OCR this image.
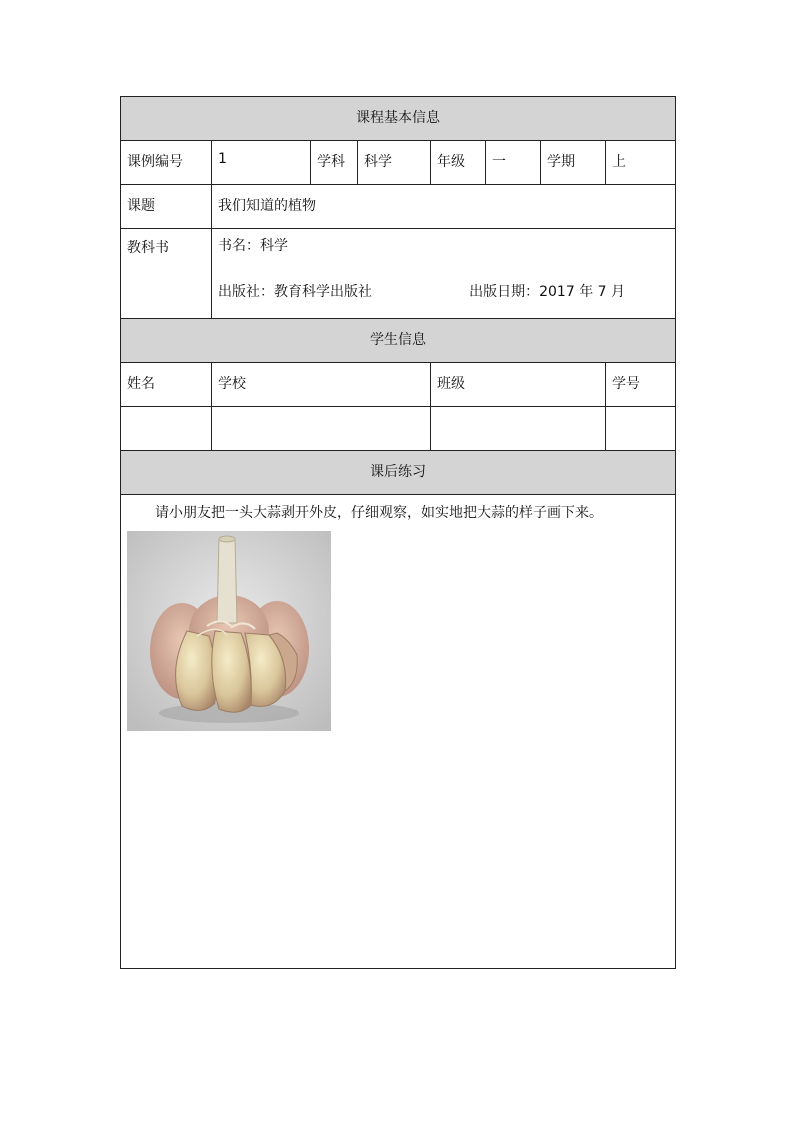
课程基本信息							
课例编号	1	学科	科学	年级	一	学期	上
课题	我们知道的植物						
教科书	书名：科学
出版社：教育科学出版社 出版日期：2017 年 7 月						

学生信息							
姓名	学校			班级			学号

课后练习							

请小朋友把一头大蒜剥开外皮，仔细观察，如实地把大蒜的样子画下来。							
